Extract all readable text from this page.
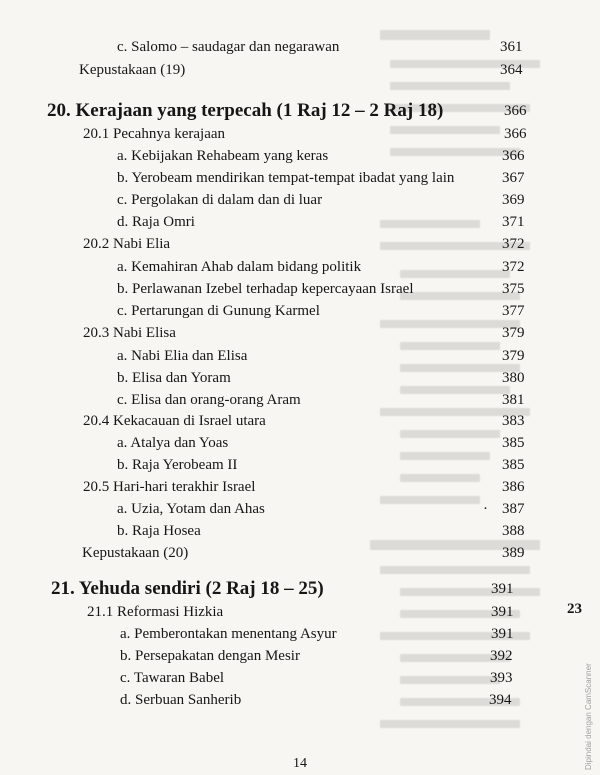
c. Salomo – saudagar dan negarawan	361
Kepustakaan (19)	364
20. Kerajaan yang terpecah (1 Raj 12 – 2 Raj 18)	366
20.1 Pecahnya kerajaan	366
a. Kebijakan Rehabeam yang keras	366
b. Yerobeam mendirikan tempat-tempat ibadat yang lain	367
c. Pergolakan di dalam dan di luar	369
d. Raja Omri	371
20.2 Nabi Elia	372
a. Kemahiran Ahab dalam bidang politik	372
b. Perlawanan Izebel terhadap kepercayaan Israel	375
c. Pertarungan di Gunung Karmel	377
20.3 Nabi Elisa	379
a. Nabi Elia dan Elisa	379
b. Elisa dan Yoram	380
c. Elisa dan orang-orang Aram	381
20.4 Kekacauan di Israel utara	383
a. Atalya dan Yoas	385
b. Raja Yerobeam II	385
20.5 Hari-hari terakhir Israel	386
a. Uzia, Yotam dan Ahas	· 387
b. Raja Hosea	388
Kepustakaan (20)	389
21. Yehuda sendiri (2 Raj 18 – 25)	391
21.1 Reformasi Hizkia	391
a. Pemberontakan menentang Asyur	391
b. Persepakatan dengan Mesir	392
c. Tawaran Babel	393
d. Serbuan Sanherib	394
23
14	Dipindai dengan CamScanner
